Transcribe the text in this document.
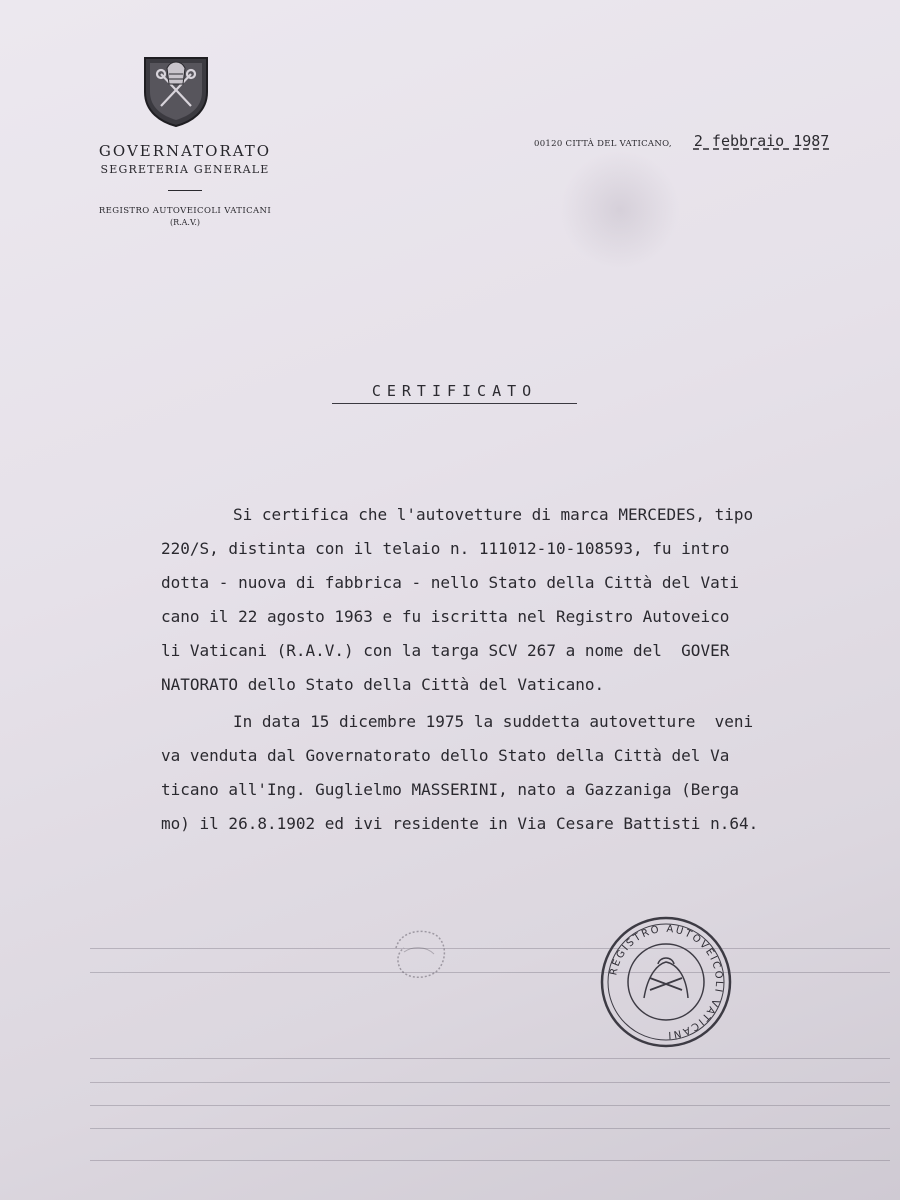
GOVERNATORATO
SEGRETERIA GENERALE
REGISTRO AUTOVEICOLI VATICANI
(R.A.V.)
00120 CITTÀ DEL VATICANO, 2 febbraio 1987
CERTIFICATO
Si certifica che l'autovetture di marca MERCEDES, tipo
220/S, distinta con il telaio n. 111012-10-108593, fu intro
dotta - nuova di fabbrica - nello Stato della Città del Vati
cano il 22 agosto 1963 e fu iscritta nel Registro Autoveico
li Vaticani (R.A.V.) con la targa SCV 267 a nome del  GOVER
NATORATO dello Stato della Città del Vaticano.
In data 15 dicembre 1975 la suddetta autovetture  veni
va venduta dal Governatorato dello Stato della Città del Va
ticano all'Ing. Guglielmo MASSERINI, nato a Gazzaniga (Berga
mo) il 26.8.1902 ed ivi residente in Via Cesare Battisti n.64.
REGISTRO AUTOVEICOLI VATICANI
